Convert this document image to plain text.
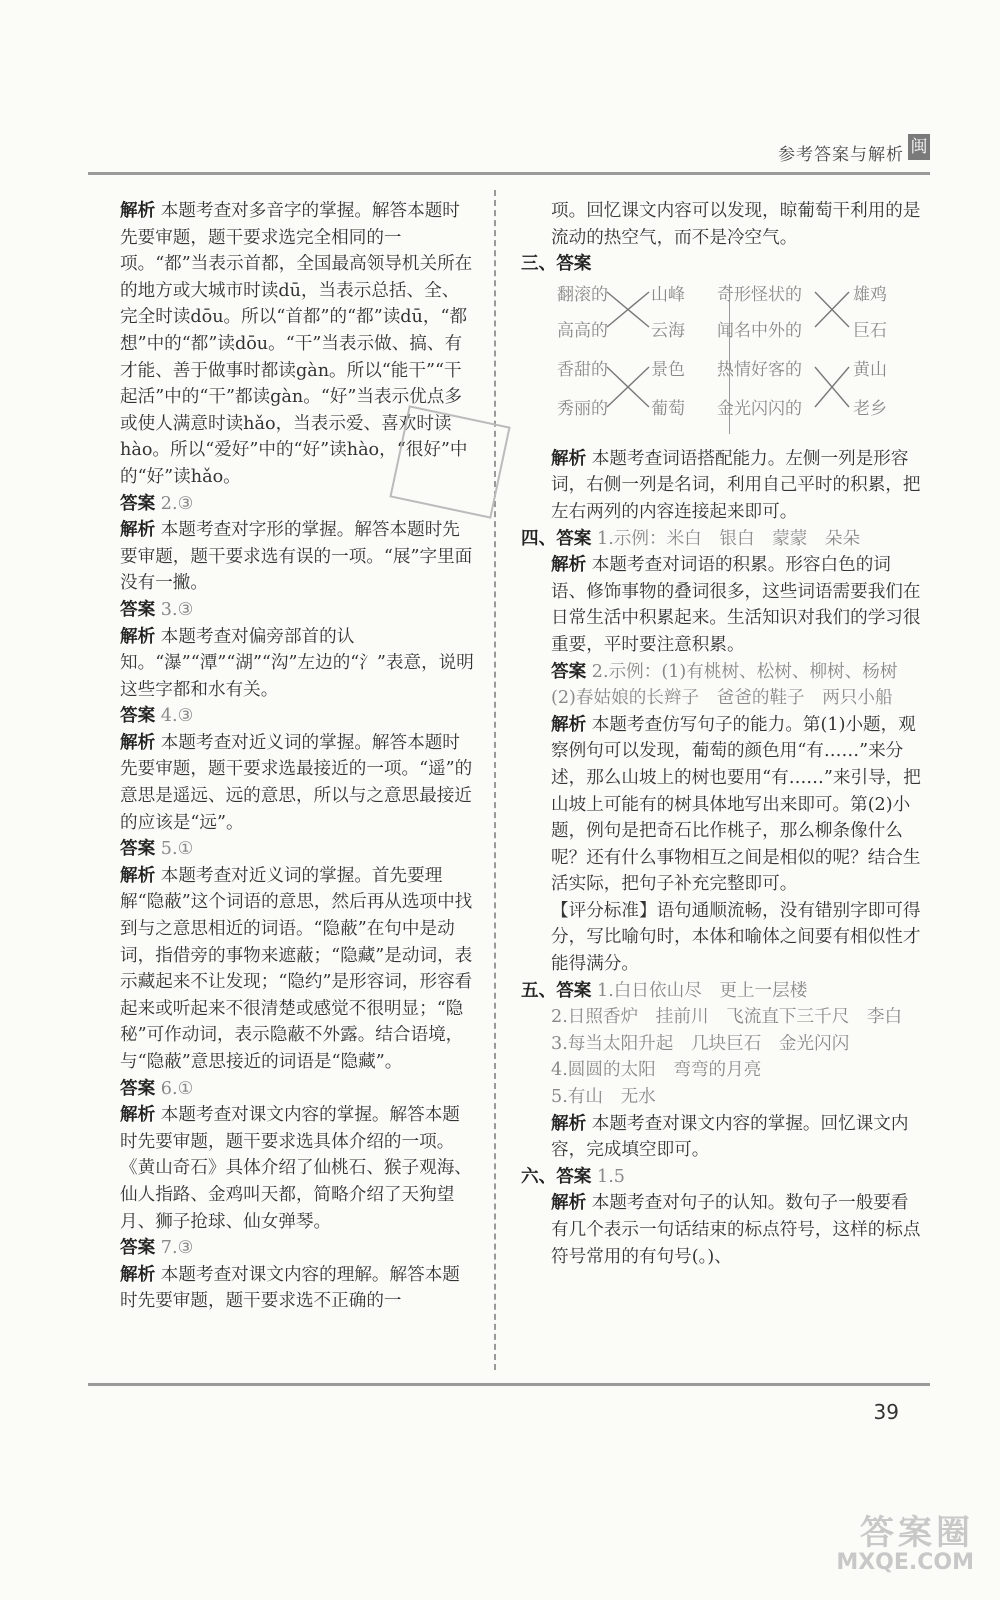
参考答案与解析 闽

解析 本题考查对多音字的掌握。解答本题时先要审题，题干要求选完全相同的一项。“都”当表示首都，全国最高领导机关所在的地方或大城市时读dū，当表示总括、全、完全时读dōu。所以“首都”的“都”读dū，“都想”中的“都”读dōu。“干”当表示做、搞、有才能、善于做事时都读gàn。所以“能干”“干起活”中的“干”都读gàn。“好”当表示优点多或使人满意时读hǎo，当表示爱、喜欢时读hào。所以“爱好”中的“好”读hào，“很好”中的“好”读hǎo。

答案 2.③

解析 本题考查对字形的掌握。解答本题时先要审题，题干要求选有误的一项。“展”字里面没有一撇。

答案 3.③

解析 本题考查对偏旁部首的认知。“瀑”“潭”“湖”“沟”左边的“氵”表意，说明这些字都和水有关。

答案 4.③

解析 本题考查对近义词的掌握。解答本题时先要审题，题干要求选最接近的一项。“遥”的意思是遥远、远的意思，所以与之意思最接近的应该是“远”。

答案 5.①

解析 本题考查对近义词的掌握。首先要理解“隐蔽”这个词语的意思，然后再从选项中找到与之意思相近的词语。“隐蔽”在句中是动词，指借旁的事物来遮蔽；“隐藏”是动词，表示藏起来不让发现；“隐约”是形容词，形容看起来或听起来不很清楚或感觉不很明显；“隐秘”可作动词，表示隐蔽不外露。结合语境，与“隐蔽”意思接近的词语是“隐藏”。

答案 6.①

解析 本题考查对课文内容的掌握。解答本题时先要审题，题干要求选具体介绍的一项。《黄山奇石》具体介绍了仙桃石、猴子观海、仙人指路、金鸡叫天都，简略介绍了天狗望月、狮子抢球、仙女弹琴。

答案 7.③

解析 本题考查对课文内容的理解。解答本题时先要审题，题干要求选不正确的一

项。回忆课文内容可以发现，晾葡萄干利用的是流动的热空气，而不是冷空气。

三、答案

翻滚的
高高的
香甜的
秀丽的
山峰
云海
景色
葡萄
奇形怪状的
闻名中外的
热情好客的
金光闪闪的
雄鸡
巨石
黄山
老乡

解析 本题考查词语搭配能力。左侧一列是形容词，右侧一列是名词，利用自己平时的积累，把左右两列的内容连接起来即可。

四、答案 1.示例：米白　银白　蒙蒙　朵朵

解析 本题考查对词语的积累。形容白色的词语、修饰事物的叠词很多，这些词语需要我们在日常生活中积累起来。生活知识对我们的学习很重要，平时要注意积累。

答案 2.示例：(1)有桃树、松树、柳树、杨树

(2)春姑娘的长辫子　爸爸的鞋子　两只小船

解析 本题考查仿写句子的能力。第(1)小题，观察例句可以发现，葡萄的颜色用“有……”来分述，那么山坡上的树也要用“有……”来引导，把山坡上可能有的树具体地写出来即可。第(2)小题，例句是把奇石比作桃子，那么柳条像什么呢？还有什么事物相互之间是相似的呢？结合生活实际，把句子补充完整即可。

【评分标准】语句通顺流畅，没有错别字即可得分，写比喻句时，本体和喻体之间要有相似性才能得满分。

五、答案 1.白日依山尽　更上一层楼

2.日照香炉　挂前川　飞流直下三千尺　李白

3.每当太阳升起　几块巨石　金光闪闪

4.圆圆的太阳　弯弯的月亮

5.有山　无水

解析 本题考查对课文内容的掌握。回忆课文内容，完成填空即可。

六、答案 1.5

解析 本题考查对句子的认知。数句子一般要看有几个表示一句话结束的标点符号，这样的标点符号常用的有句号(。)、

39
答案圈
MXQE.COM
